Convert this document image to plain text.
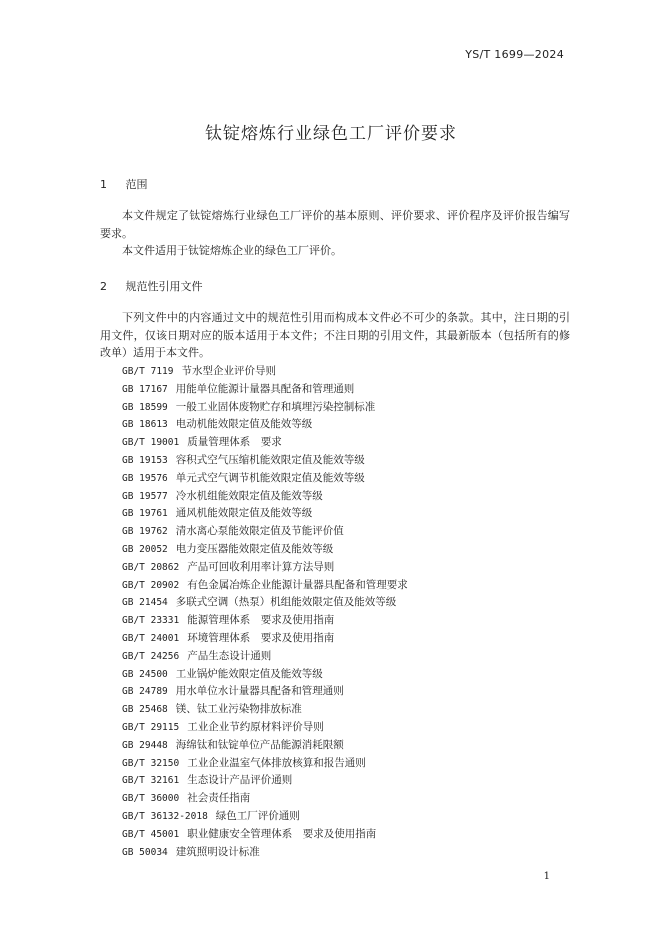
YS/T 1699—2024
钛锭熔炼行业绿色工厂评价要求
1 范围
本文件规定了钛锭熔炼行业绿色工厂评价的基本原则、评价要求、评价程序及评价报告编写要求。
本文件适用于钛锭熔炼企业的绿色工厂评价。
2 规范性引用文件
下列文件中的内容通过文中的规范性引用而构成本文件必不可少的条款。其中，注日期的引用文件，仅该日期对应的版本适用于本文件；不注日期的引用文件，其最新版本（包括所有的修改单）适用于本文件。
GB/T 7119 节水型企业评价导则
GB 17167 用能单位能源计量器具配备和管理通则
GB 18599 一般工业固体废物贮存和填埋污染控制标准
GB 18613 电动机能效限定值及能效等级
GB/T 19001 质量管理体系　要求
GB 19153 容积式空气压缩机能效限定值及能效等级
GB 19576 单元式空气调节机能效限定值及能效等级
GB 19577 冷水机组能效限定值及能效等级
GB 19761 通风机能效限定值及能效等级
GB 19762 清水离心泵能效限定值及节能评价值
GB 20052 电力变压器能效限定值及能效等级
GB/T 20862 产品可回收利用率计算方法导则
GB/T 20902 有色金属冶炼企业能源计量器具配备和管理要求
GB 21454 多联式空调（热泵）机组能效限定值及能效等级
GB/T 23331 能源管理体系　要求及使用指南
GB/T 24001 环境管理体系　要求及使用指南
GB/T 24256 产品生态设计通则
GB 24500 工业锅炉能效限定值及能效等级
GB 24789 用水单位水计量器具配备和管理通则
GB 25468 镁、钛工业污染物排放标准
GB/T 29115 工业企业节约原材料评价导则
GB 29448 海绵钛和钛锭单位产品能源消耗限额
GB/T 32150 工业企业温室气体排放核算和报告通则
GB/T 32161 生态设计产品评价通则
GB/T 36000 社会责任指南
GB/T 36132-2018 绿色工厂评价通则
GB/T 45001 职业健康安全管理体系　要求及使用指南
GB 50034 建筑照明设计标准
1
